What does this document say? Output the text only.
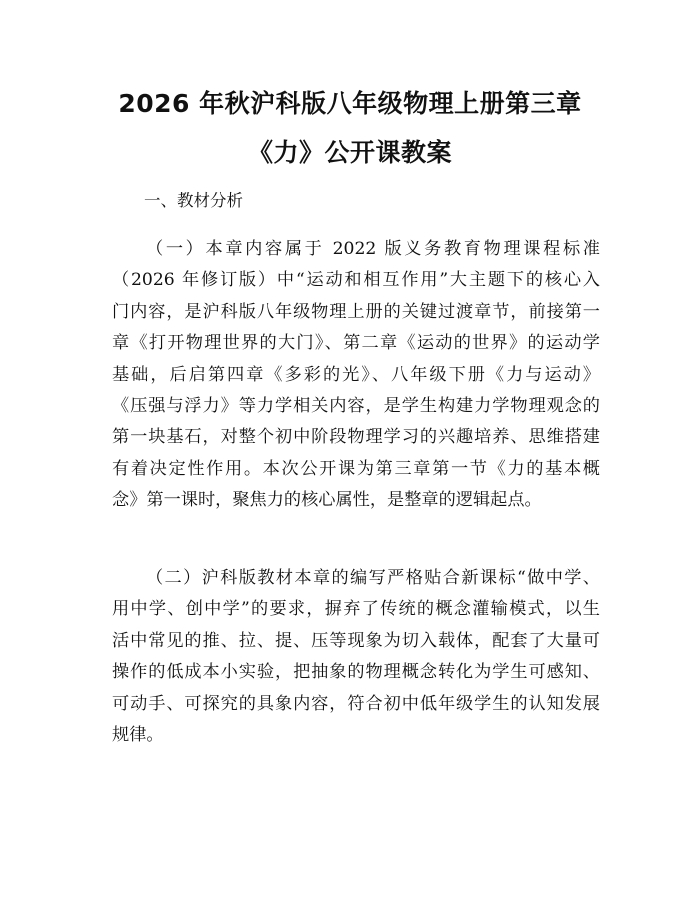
2026 年秋沪科版八年级物理上册第三章
《力》公开课教案

一、教材分析

（一）本章内容属于 2022 版义务教育物理课程标准
（2026 年修订版）中“运动和相互作用”大主题下的核心入
门内容，是沪科版八年级物理上册的关键过渡章节，前接第一
章《打开物理世界的大门》、第二章《运动的世界》的运动学
基础，后启第四章《多彩的光》、八年级下册《力与运动》
《压强与浮力》等力学相关内容，是学生构建力学物理观念的
第一块基石，对整个初中阶段物理学习的兴趣培养、思维搭建
有着决定性作用。本次公开课为第三章第一节《力的基本概
念》第一课时，聚焦力的核心属性，是整章的逻辑起点。
（二）沪科版教材本章的编写严格贴合新课标“做中学、
用中学、创中学”的要求，摒弃了传统的概念灌输模式，以生
活中常见的推、拉、提、压等现象为切入载体，配套了大量可
操作的低成本小实验，把抽象的物理概念转化为学生可感知、
可动手、可探究的具象内容，符合初中低年级学生的认知发展
规律。
